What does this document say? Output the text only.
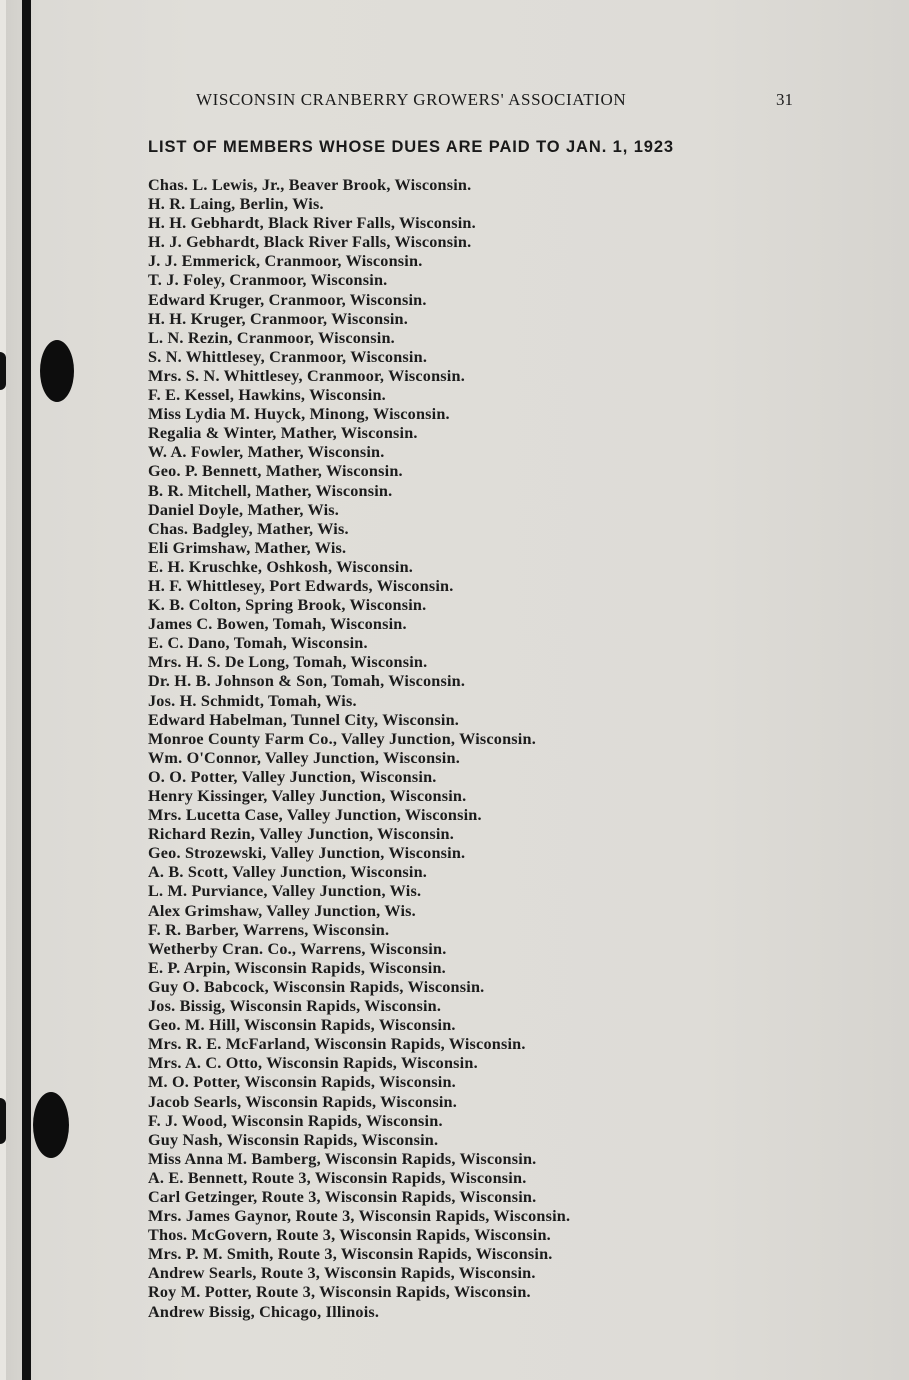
WISCONSIN CRANBERRY GROWERS' ASSOCIATION	31
LIST OF MEMBERS WHOSE DUES ARE PAID TO JAN. 1, 1923
Chas. L. Lewis, Jr., Beaver Brook, Wisconsin.
H. R. Laing, Berlin, Wis.
H. H. Gebhardt, Black River Falls, Wisconsin.
H. J. Gebhardt, Black River Falls, Wisconsin.
J. J. Emmerick, Cranmoor, Wisconsin.
T. J. Foley, Cranmoor, Wisconsin.
Edward Kruger, Cranmoor, Wisconsin.
H. H. Kruger, Cranmoor, Wisconsin.
L. N. Rezin, Cranmoor, Wisconsin.
S. N. Whittlesey, Cranmoor, Wisconsin.
Mrs. S. N. Whittlesey, Cranmoor, Wisconsin.
F. E. Kessel, Hawkins, Wisconsin.
Miss Lydia M. Huyck, Minong, Wisconsin.
Regalia & Winter, Mather, Wisconsin.
W. A. Fowler, Mather, Wisconsin.
Geo. P. Bennett, Mather, Wisconsin.
B. R. Mitchell, Mather, Wisconsin.
Daniel Doyle, Mather, Wis.
Chas. Badgley, Mather, Wis.
Eli Grimshaw, Mather, Wis.
E. H. Kruschke, Oshkosh, Wisconsin.
H. F. Whittlesey, Port Edwards, Wisconsin.
K. B. Colton, Spring Brook, Wisconsin.
James C. Bowen, Tomah, Wisconsin.
E. C. Dano, Tomah, Wisconsin.
Mrs. H. S. De Long, Tomah, Wisconsin.
Dr. H. B. Johnson & Son, Tomah, Wisconsin.
Jos. H. Schmidt, Tomah, Wis.
Edward Habelman, Tunnel City, Wisconsin.
Monroe County Farm Co., Valley Junction, Wisconsin.
Wm. O'Connor, Valley Junction, Wisconsin.
O. O. Potter, Valley Junction, Wisconsin.
Henry Kissinger, Valley Junction, Wisconsin.
Mrs. Lucetta Case, Valley Junction, Wisconsin.
Richard Rezin, Valley Junction, Wisconsin.
Geo. Strozewski, Valley Junction, Wisconsin.
A. B. Scott, Valley Junction, Wisconsin.
L. M. Purviance, Valley Junction, Wis.
Alex Grimshaw, Valley Junction, Wis.
F. R. Barber, Warrens, Wisconsin.
Wetherby Cran. Co., Warrens, Wisconsin.
E. P. Arpin, Wisconsin Rapids, Wisconsin.
Guy O. Babcock, Wisconsin Rapids, Wisconsin.
Jos. Bissig, Wisconsin Rapids, Wisconsin.
Geo. M. Hill, Wisconsin Rapids, Wisconsin.
Mrs. R. E. McFarland, Wisconsin Rapids, Wisconsin.
Mrs. A. C. Otto, Wisconsin Rapids, Wisconsin.
M. O. Potter, Wisconsin Rapids, Wisconsin.
Jacob Searls, Wisconsin Rapids, Wisconsin.
F. J. Wood, Wisconsin Rapids, Wisconsin.
Guy Nash, Wisconsin Rapids, Wisconsin.
Miss Anna M. Bamberg, Wisconsin Rapids, Wisconsin.
A. E. Bennett, Route 3, Wisconsin Rapids, Wisconsin.
Carl Getzinger, Route 3, Wisconsin Rapids, Wisconsin.
Mrs. James Gaynor, Route 3, Wisconsin Rapids, Wisconsin.
Thos. McGovern, Route 3, Wisconsin Rapids, Wisconsin.
Mrs. P. M. Smith, Route 3, Wisconsin Rapids, Wisconsin.
Andrew Searls, Route 3, Wisconsin Rapids, Wisconsin.
Roy M. Potter, Route 3, Wisconsin Rapids, Wisconsin.
Andrew Bissig, Chicago, Illinois.
